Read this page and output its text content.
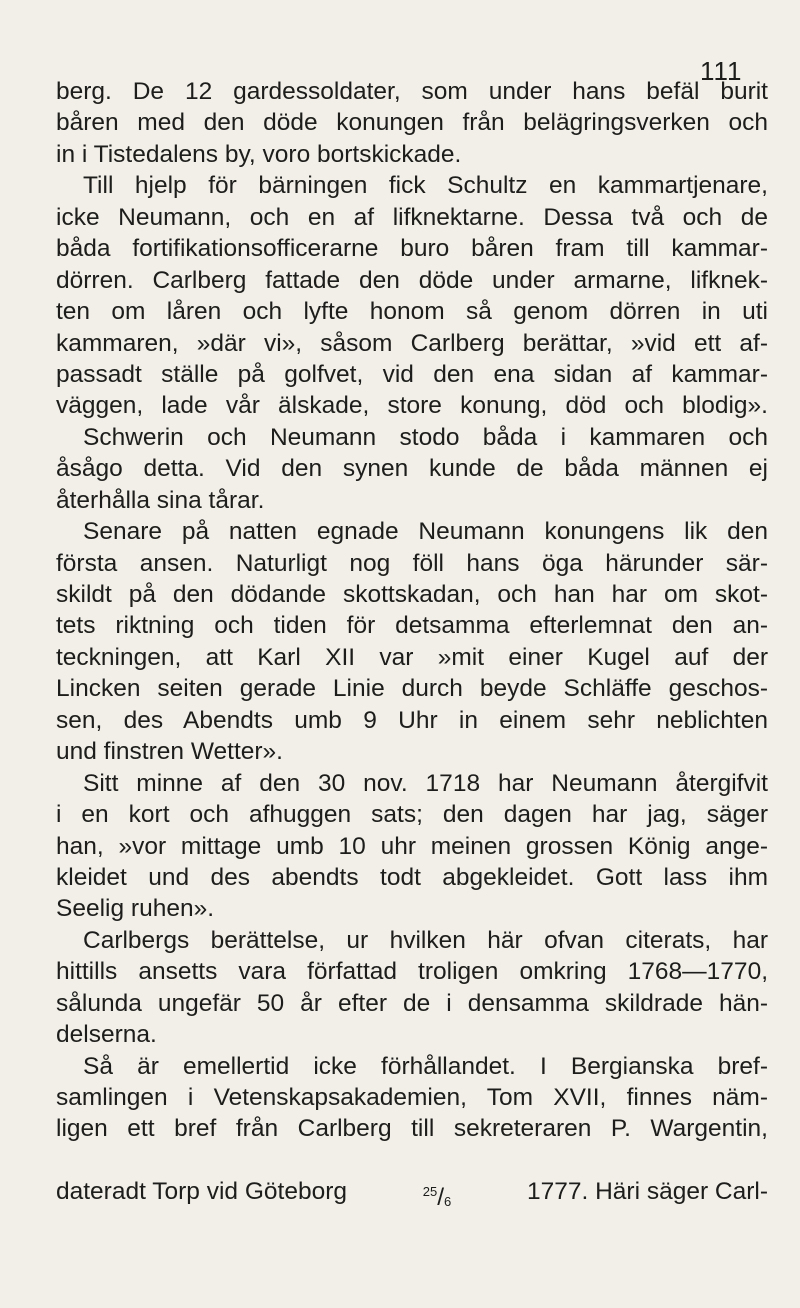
111
berg. De 12 gardessoldater, som under hans befäl burit
båren med den döde konungen från belägringsverken och
in i Tistedalens by, voro bortskickade.
Till hjelp för bärningen fick Schultz en kammartjenare,
icke Neumann, och en af lifknektarne. Dessa två och de
båda fortifikationsofficerarne buro båren fram till kammar-
dörren. Carlberg fattade den döde under armarne, lifknek-
ten om låren och lyfte honom så genom dörren in uti
kammaren, »där vi», såsom Carlberg berättar, »vid ett af-
passadt ställe på golfvet, vid den ena sidan af kammar-
väggen, lade vår älskade, store konung, död och blodig».
Schwerin och Neumann stodo båda i kammaren och
åsågo detta. Vid den synen kunde de båda männen ej
återhålla sina tårar.
Senare på natten egnade Neumann konungens lik den
första ansen. Naturligt nog föll hans öga härunder sär-
skildt på den dödande skottskadan, och han har om skot-
tets riktning och tiden för detsamma efterlemnat den an-
teckningen, att Karl XII var »mit einer Kugel auf der
Lincken seiten gerade Linie durch beyde Schläffe geschos-
sen, des Abendts umb 9 Uhr in einem sehr neblichten
und finstren Wetter».
Sitt minne af den 30 nov. 1718 har Neumann återgifvit
i en kort och afhuggen sats; den dagen har jag, säger
han, »vor mittage umb 10 uhr meinen grossen König ange-
kleidet und des abendts todt abgekleidet. Gott lass ihm
Seelig ruhen».
Carlbergs berättelse, ur hvilken här ofvan citerats, har
hittills ansetts vara författad troligen omkring 1768—1770,
sålunda ungefär 50 år efter de i densamma skildrade hän-
delserna.
Så är emellertid icke förhållandet. I Bergianska bref-
samlingen i Vetenskapsakademien, Tom XVII, finnes näm-
ligen ett bref från Carlberg till sekreteraren P. Wargentin,
dateradt Torp vid Göteborg	$^{25}$/6	1777. Häri säger Carl-
